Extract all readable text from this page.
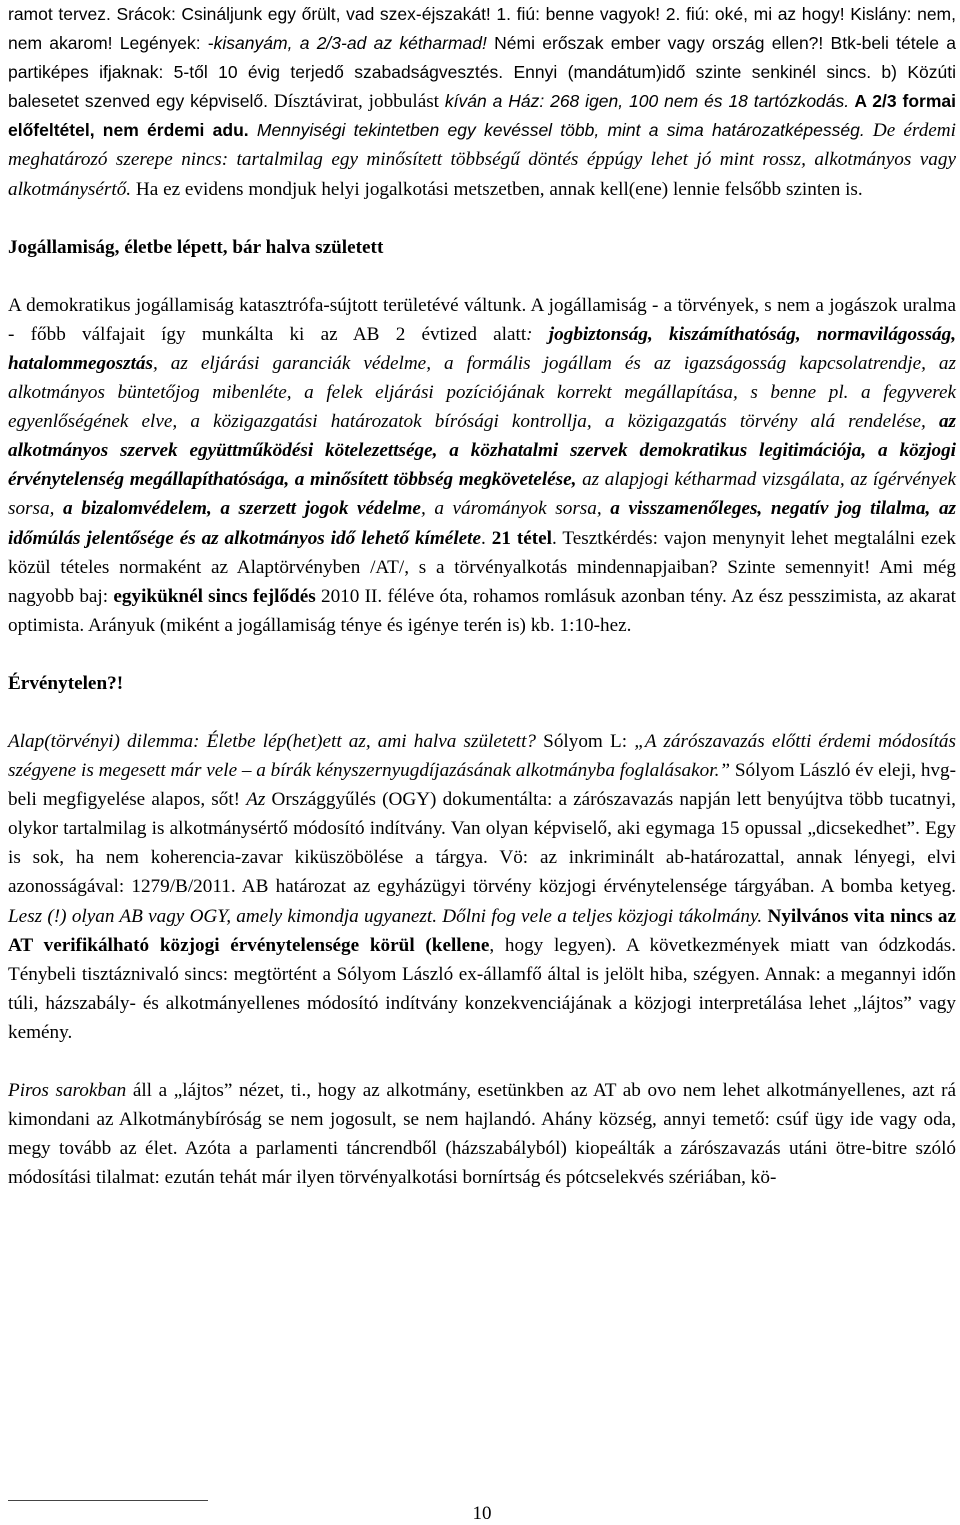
ramot tervez. Srácok: Csináljunk egy őrült, vad szex-éjszakát! 1. fiú: benne vagyok! 2. fiú: oké, mi az hogy! Kislány: nem, nem akarom! Legények: -kisanyám, a 2/3-ad az kétharmad! Némi erőszak ember vagy ország ellen?! Btk-beli tétele a partiképes ifjaknak: 5-től 10 évig terjedő szabadságvesztés. Ennyi (mandátum)idő szinte senkinél sincs. b) Közúti balesetet szenved egy képviselő. Dísztávirat, jobbulást kíván a Ház: 268 igen, 100 nem és 18 tartózkodás. A 2/3 formai előfeltétel, nem érdemi adu. Mennyiségi tekintetben egy kevéssel több, mint a sima határozatképesség. De érdemi meghatározó szerepe nincs: tartalmilag egy minősített többségű döntés éppúgy lehet jó mint rossz, alkotmányos vagy alkotmánysértő. Ha ez evidens mondjuk helyi jogalkotási metszetben, annak kell(ene) lennie felsőbb szinten is.

Jogállamiság, életbe lépett, bár halva született

A demokratikus jogállamiság katasztrófa-sújtott területévé váltunk. A jogállamiság - a törvények, s nem a jogászok uralma - főbb válfajait így munkálta ki az AB 2 évtized alatt: jogbiztonság, kiszámíthatóság, normavilágosság, hatalommegosztás, az eljárási garanciák védelme, a formális jogállam és az igazságosság kapcsolatrendje, az alkotmányos büntetőjog mibenléte, a felek eljárási pozíciójának korrekt megállapítása, s benne pl. a fegyverek egyenlőségének elve, a közigazgatási határozatok bírósági kontrollja, a közigazgatás törvény alá rendelése, az alkotmányos szervek együttműködési kötelezettsége, a közhatalmi szervek demokratikus legitimációja, a közjogi érvénytelenség megállapíthatósága, a minősített többség megkövetelése, az alapjogi kétharmad vizsgálata, az ígérvények sorsa, a bizalomvédelem, a szerzett jogok védelme, a várományok sorsa, a visszamenőleges, negatív jog tilalma, az időmúlás jelentősége és az alkotmányos idő lehető kímélete. 21 tétel. Tesztkérdés: vajon menynyit lehet megtalálni ezek közül tételes normaként az Alaptörvényben /AT/, s a törvényalkotás mindennapjaiban? Szinte semennyit! Ami még nagyobb baj: egyiküknél sincs fejlődés 2010 II. féléve óta, rohamos romlásuk azonban tény. Az ész pesszimista, az akarat optimista. Arányuk (miként a jogállamiság ténye és igénye terén is) kb. 1:10-hez.

Érvénytelen?!

Alap(törvényi) dilemma: Életbe lép(het)ett az, ami halva született? Sólyom L: „A zárószavazás előtti érdemi módosítás szégyene is megesett már vele – a bírák kényszernyugdíjazásának alkotmányba foglalásakor.” Sólyom László év eleji, hvg-beli megfigyelése alapos, sőt! Az Országgyűlés (OGY) dokumentálta: a zárószavazás napján lett benyújtva több tucatnyi, olykor tartalmilag is alkotmánysértő módosító indítvány. Van olyan képviselő, aki egymaga 15 opussal „dicsekedhet”. Egy is sok, ha nem koherencia-zavar kiküszöbölése a tárgya. Vö: az inkriminált ab-határozattal, annak lényegi, elvi azonosságával: 1279/B/2011. AB határozat az egyházügyi törvény közjogi érvénytelensége tárgyában. A bomba ketyeg. Lesz (!) olyan AB vagy OGY, amely kimondja ugyanezt. Dőlni fog vele a teljes közjogi tákolmány. Nyilvános vita nincs az AT verifikálható közjogi érvénytelensége körül (kellene, hogy legyen). A következmények miatt van ódzkodás. Ténybeli tisztáznivaló sincs: megtörtént a Sólyom László ex-államfő által is jelölt hiba, szégyen. Annak: a megannyi időn túli, házszabály- és alkotmányellenes módosító indítvány konzekvenciájának a közjogi interpretálása lehet „lájtos” vagy kemény.

Piros sarokban áll a „lájtos” nézet, ti., hogy az alkotmány, esetünkben az AT ab ovo nem lehet alkotmányellenes, azt rá kimondani az Alkotmánybíróság se nem jogosult, se nem hajlandó. Ahány község, annyi temető: csúf ügy ide vagy oda, megy tovább az élet. Azóta a parlamenti táncrendből (házszabályból) kiopeálták a zárószavazás utáni ötre-bitre szóló módosítási tilalmat: ezután tehát már ilyen törvényalkotási bornírtság és pótcselekvés szériában, kö-

10
